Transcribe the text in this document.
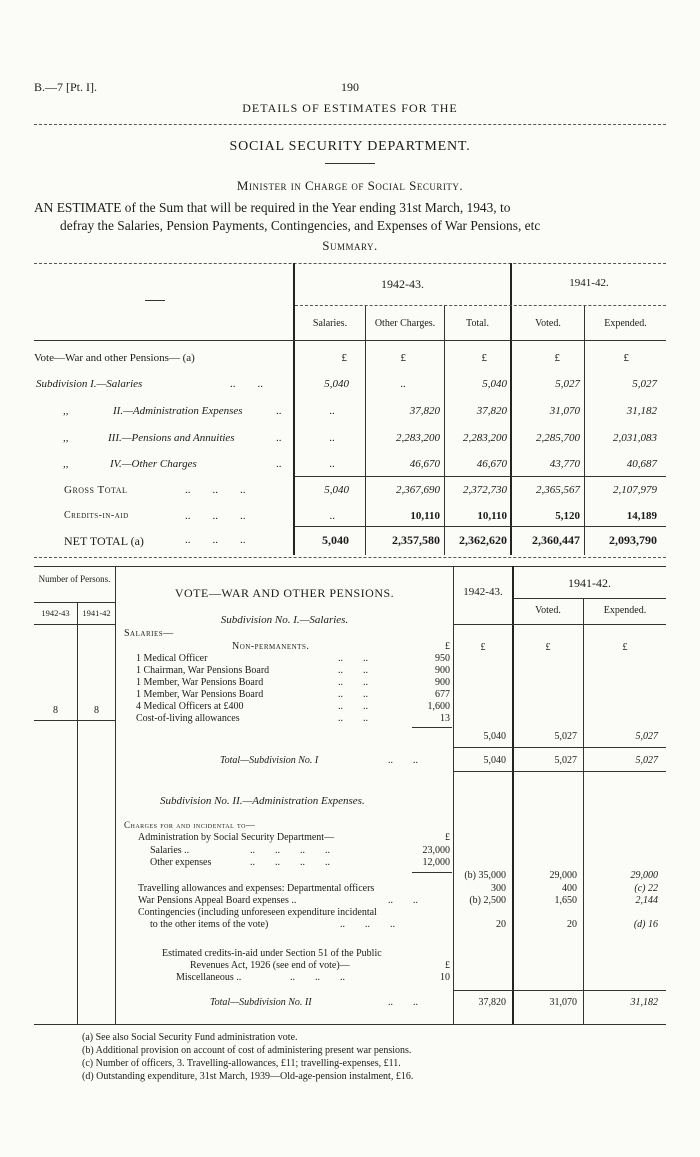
B.—7 [Pt. I].	190
DETAILS OF ESTIMATES FOR THE
SOCIAL SECURITY DEPARTMENT.
Minister in Charge of Social Security.
AN ESTIMATE of the Sum that will be required in the Year ending 31st March, 1943, to
defray the Salaries, Pension Payments, Contingencies, and Expenses of War Pensions, etc
Summary.
1942-43.	1941-42.
Salaries.	Other Charges.	Total.	Voted.	Expended.
Vote—War and other Pensions— (a)	£	£	£	£	£
Subdivision I.—Salaries	..        ..	5,040	..	5,040	5,027	5,027
,,	II.—Administration Expenses	..	..	37,820	37,820	31,070	31,182
,,	III.—Pensions and Annuities	..	..	2,283,200	2,283,200	2,285,700	2,031,083
,,	IV.—Other Charges	..	..	46,670	46,670	43,770	40,687
Gross Total	..        ..        ..	5,040	2,367,690	2,372,730	2,365,567	2,107,979
Credits-in-aid	..        ..        ..	..	10,110	10,110	5,120	14,189
NET TOTAL (a)	..        ..        ..	5,040	2,357,580	2,362,620	2,360,447	2,093,790
Number of Persons.
1942-43	1941-42
VOTE—WAR AND OTHER PENSIONS.	1942-43.
1941-42.
Voted.	Expended.
Subdivision No. I.—Salaries.
Salaries—
Non-permanents.	£	£	£	£
1 Medical Officer	..        ..	950
1 Chairman, War Pensions Board	..        ..	900
1 Member, War Pensions Board	..        ..	900
1 Member, War Pensions Board	..        ..	677
4 Medical Officers at £400	..        ..	1,600
Cost-of-living allowances	..        ..	13
8	8
5,040	5,027	5,027
Total—Subdivision No. I	..        ..	5,040	5,027	5,027
Subdivision No. II.—Administration Expenses.
Charges for and incidental to—
Administration by Social Security Department—	£
Salaries ..	..        ..        ..        ..	23,000
Other expenses	..        ..        ..        ..	12,000
(b) 35,000	29,000	29,000
Travelling allowances and expenses: Departmental officers	300	400	(c) 22
War Pensions Appeal Board expenses ..	..        ..	(b) 2,500	1,650	2,144
Contingencies (including unforeseen expenditure incidental
to the other items of the vote)	..        ..        ..	20	20	(d) 16
Estimated credits-in-aid under Section 51 of the Public
Revenues Act, 1926 (see end of vote)—	£
Miscellaneous ..	..        ..        ..	10
Total—Subdivision No. II	..        ..	37,820	31,070	31,182
(a) See also Social Security Fund administration vote.
(b) Additional provision on account of cost of administering present war pensions.
(c) Number of officers, 3. Travelling-allowances, £11; travelling-expenses, £11.
(d) Outstanding expenditure, 31st March, 1939—Old-age-pension instalment, £16.
